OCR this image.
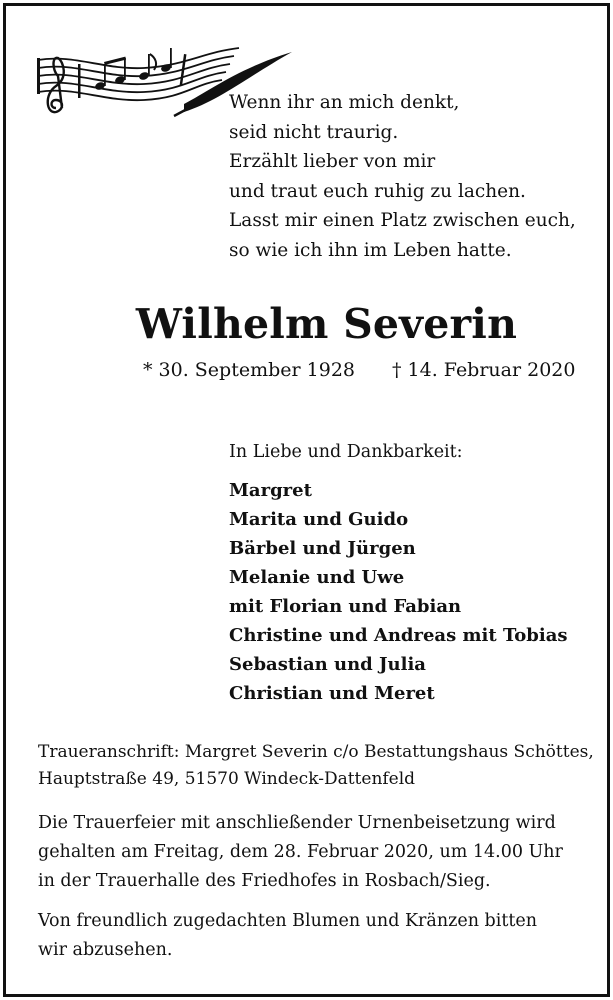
Wenn ihr an mich denkt,
seid nicht traurig.
Erzählt lieber von mir
und traut euch ruhig zu lachen.
Lasst mir einen Platz zwischen euch,
so wie ich ihn im Leben hatte.
Wilhelm Severin
* 30. September 1928 † 14. Februar 2020
In Liebe und Dankbarkeit:
Margret
Marita und Guido
Bärbel und Jürgen
Melanie und Uwe
mit Florian und Fabian
Christine und Andreas mit Tobias
Sebastian und Julia
Christian und Meret
Traueranschrift: Margret Severin c/o Bestattungshaus Schöttes,
Hauptstraße 49, 51570 Windeck-Dattenfeld
Die Trauerfeier mit anschließender Urnenbeisetzung wird
gehalten am Freitag, dem 28. Februar 2020, um 14.00 Uhr
in der Trauerhalle des Friedhofes in Rosbach/Sieg.
Von freundlich zugedachten Blumen und Kränzen bitten
wir abzusehen.
